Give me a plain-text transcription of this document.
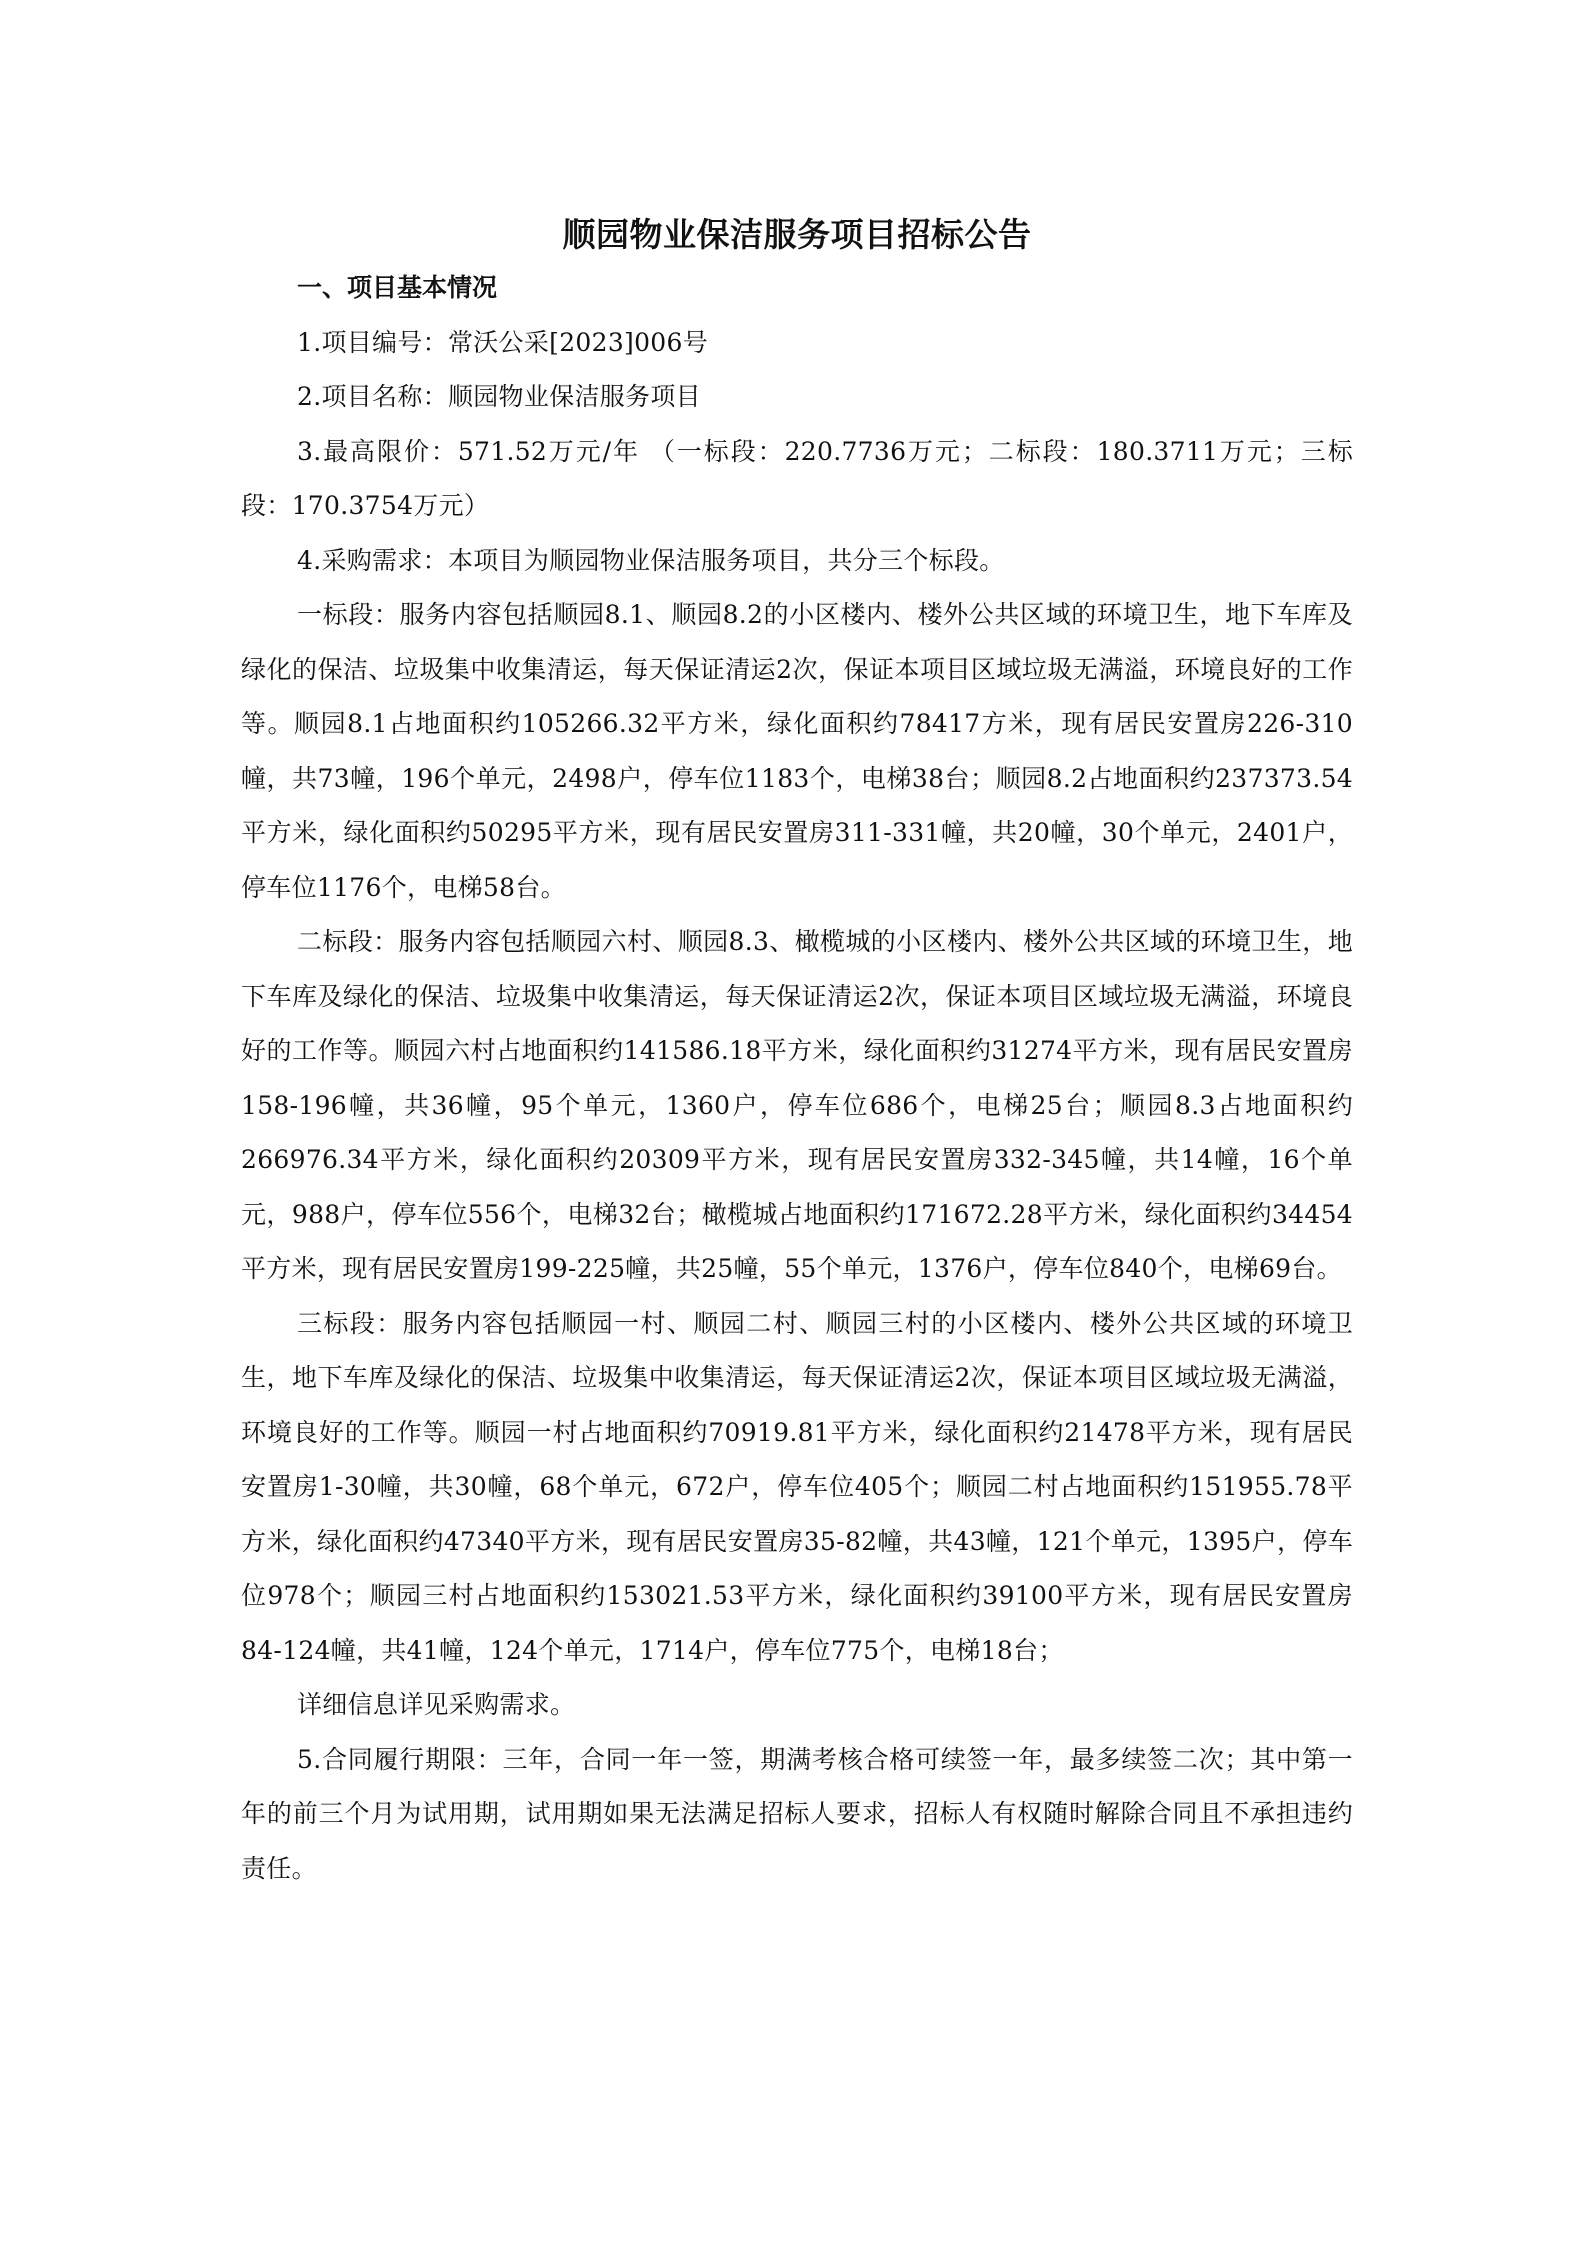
顺园物业保洁服务项目招标公告
一、项目基本情况

1.项目编号：常沃公采[2023]006号

2.项目名称：顺园物业保洁服务项目

3.最高限价：571.52万元/年 （一标段：220.7736万元；二标段：180.3711万元；三标段：170.3754万元）

4.采购需求：本项目为顺园物业保洁服务项目，共分三个标段。

一标段：服务内容包括顺园8.1、顺园8.2的小区楼内、楼外公共区域的环境卫生，地下车库及绿化的保洁、垃圾集中收集清运，每天保证清运2次，保证本项目区域垃圾无满溢，环境良好的工作等。顺园8.1占地面积约105266.32平方米，绿化面积约78417方米，现有居民安置房226-310幢，共73幢，196个单元，2498户，停车位1183个，电梯38台；顺园8.2占地面积约237373.54平方米，绿化面积约50295平方米，现有居民安置房311-331幢，共20幢，30个单元，2401户，停车位1176个，电梯58台。

二标段：服务内容包括顺园六村、顺园8.3、橄榄城的小区楼内、楼外公共区域的环境卫生，地下车库及绿化的保洁、垃圾集中收集清运，每天保证清运2次，保证本项目区域垃圾无满溢，环境良好的工作等。顺园六村占地面积约141586.18平方米，绿化面积约31274平方米，现有居民安置房158-196幢，共36幢，95个单元，1360户，停车位686个，电梯25台；顺园8.3占地面积约266976.34平方米，绿化面积约20309平方米，现有居民安置房332-345幢，共14幢，16个单元，988户，停车位556个，电梯32台；橄榄城占地面积约171672.28平方米，绿化面积约34454平方米，现有居民安置房199-225幢，共25幢，55个单元，1376户，停车位840个，电梯69台。

三标段：服务内容包括顺园一村、顺园二村、顺园三村的小区楼内、楼外公共区域的环境卫生，地下车库及绿化的保洁、垃圾集中收集清运，每天保证清运2次，保证本项目区域垃圾无满溢，环境良好的工作等。顺园一村占地面积约70919.81平方米，绿化面积约21478平方米，现有居民安置房1-30幢，共30幢，68个单元，672户，停车位405个；顺园二村占地面积约151955.78平方米，绿化面积约47340平方米，现有居民安置房35-82幢，共43幢，121个单元，1395户，停车位978个；顺园三村占地面积约153021.53平方米，绿化面积约39100平方米，现有居民安置房84-124幢，共41幢，124个单元，1714户，停车位775个，电梯18台；

详细信息详见采购需求。

5.合同履行期限：三年，合同一年一签，期满考核合格可续签一年，最多续签二次；其中第一年的前三个月为试用期，试用期如果无法满足招标人要求，招标人有权随时解除合同且不承担违约责任。
